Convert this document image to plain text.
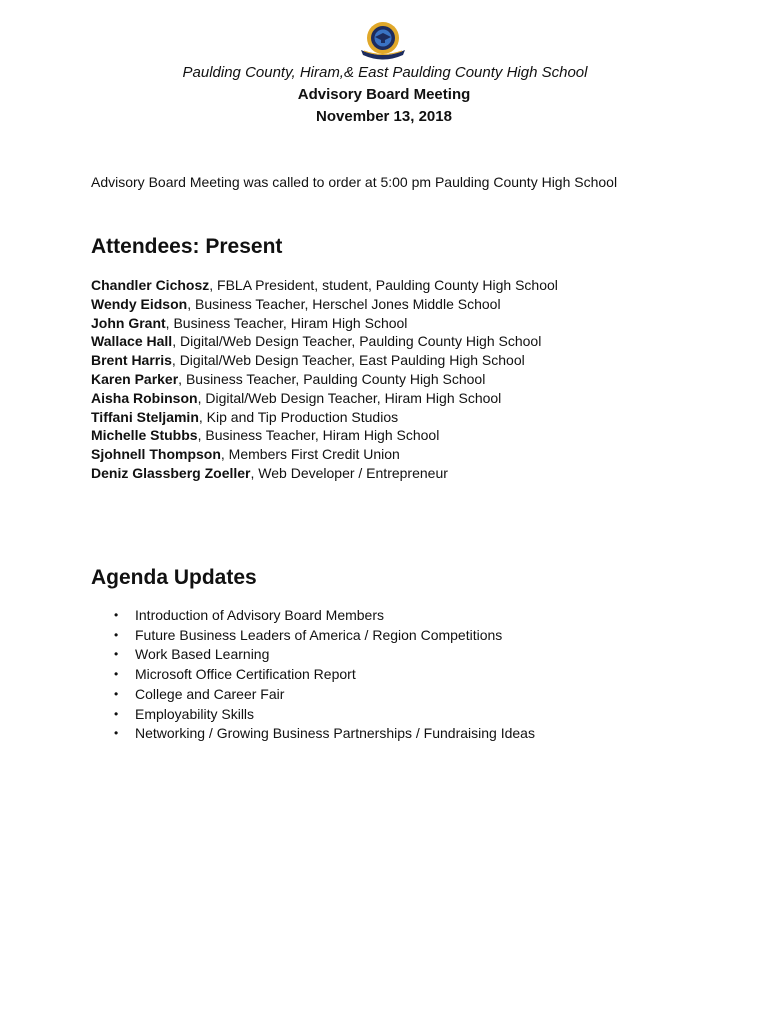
Paulding County, Hiram,& East Paulding County High School
Advisory Board Meeting
November 13, 2018
Advisory Board Meeting was called to order at 5:00 pm Paulding County High School
Attendees: Present
Chandler Cichosz, FBLA President, student, Paulding County High School
Wendy Eidson, Business Teacher, Herschel Jones Middle School
John Grant, Business Teacher, Hiram High School
Wallace Hall, Digital/Web Design Teacher, Paulding County High School
Brent Harris, Digital/Web Design Teacher, East Paulding High School
Karen Parker, Business Teacher, Paulding County High School
Aisha Robinson, Digital/Web Design Teacher, Hiram High School
Tiffani Steljamin, Kip and Tip Production Studios
Michelle Stubbs, Business Teacher, Hiram High School
Sjohnell Thompson, Members First Credit Union
Deniz Glassberg Zoeller, Web Developer / Entrepreneur
Agenda Updates
• Introduction of Advisory Board Members
• Future Business Leaders of America / Region Competitions
• Work Based Learning
• Microsoft Office Certification Report
• College and Career Fair
• Employability Skills
• Networking / Growing Business Partnerships / Fundraising Ideas
